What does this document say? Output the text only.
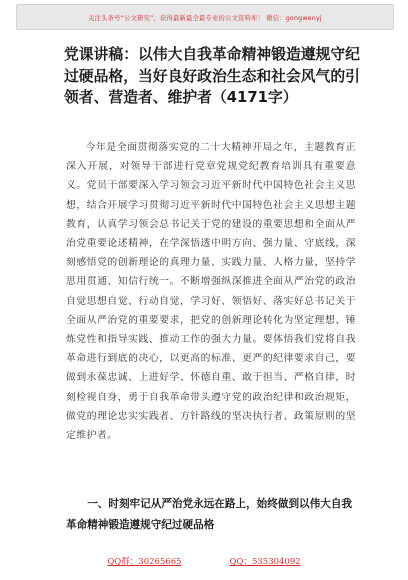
关注头条号“公文研究”，获得最新最全最专业的公文资料库！ 微信：gongwenyj
党课讲稿：以伟大自我革命精神锻造遵规守纪过硬品格，当好良好政治生态和社会风气的引领者、营造者、维护者（4171字）

今年是全面贯彻落实党的二十大精神开局之年，主题教育正深入开展，对领导干部进行党章党规党纪教育培训具有重要意义。党员干部要深入学习领会习近平新时代中国特色社会主义思想，结合开展学习贯彻习近平新时代中国特色社会主义思想主题教育，认真学习领会总书记关于党的建设的重要思想和全面从严治党重要论述精神，在学深悟透中明方向、强力量、守底线，深刻感悟党的创新理论的真理力量、实践力量、人格力量，坚持学思用贯通、知信行统一。不断增强纵深推进全面从严治党的政治自觉思想自觉、行动自觉，学习好、领悟好、落实好总书记关于全面从严治党的重要要求，把党的创新理论转化为坚定理想、锤炼党性和指导实践、推动工作的强大力量。要体悟我们党将自我革命进行到底的决心，以更高的标准、更严的纪律要求自己，要做到永葆忠诚、上进好学、怀德自重、敢于担当、严格自律，时刻检视自身，勇于自我革命带头遵守党的政治纪律和政治规矩，做党的理论忠实实践者、方针路线的坚决执行者、政策原则的坚定维护者。

一、时刻牢记从严治党永远在路上，始终做到以伟大自我革命精神锻造遵规守纪过硬品格
QQ群：30265665	QQ：535304092
